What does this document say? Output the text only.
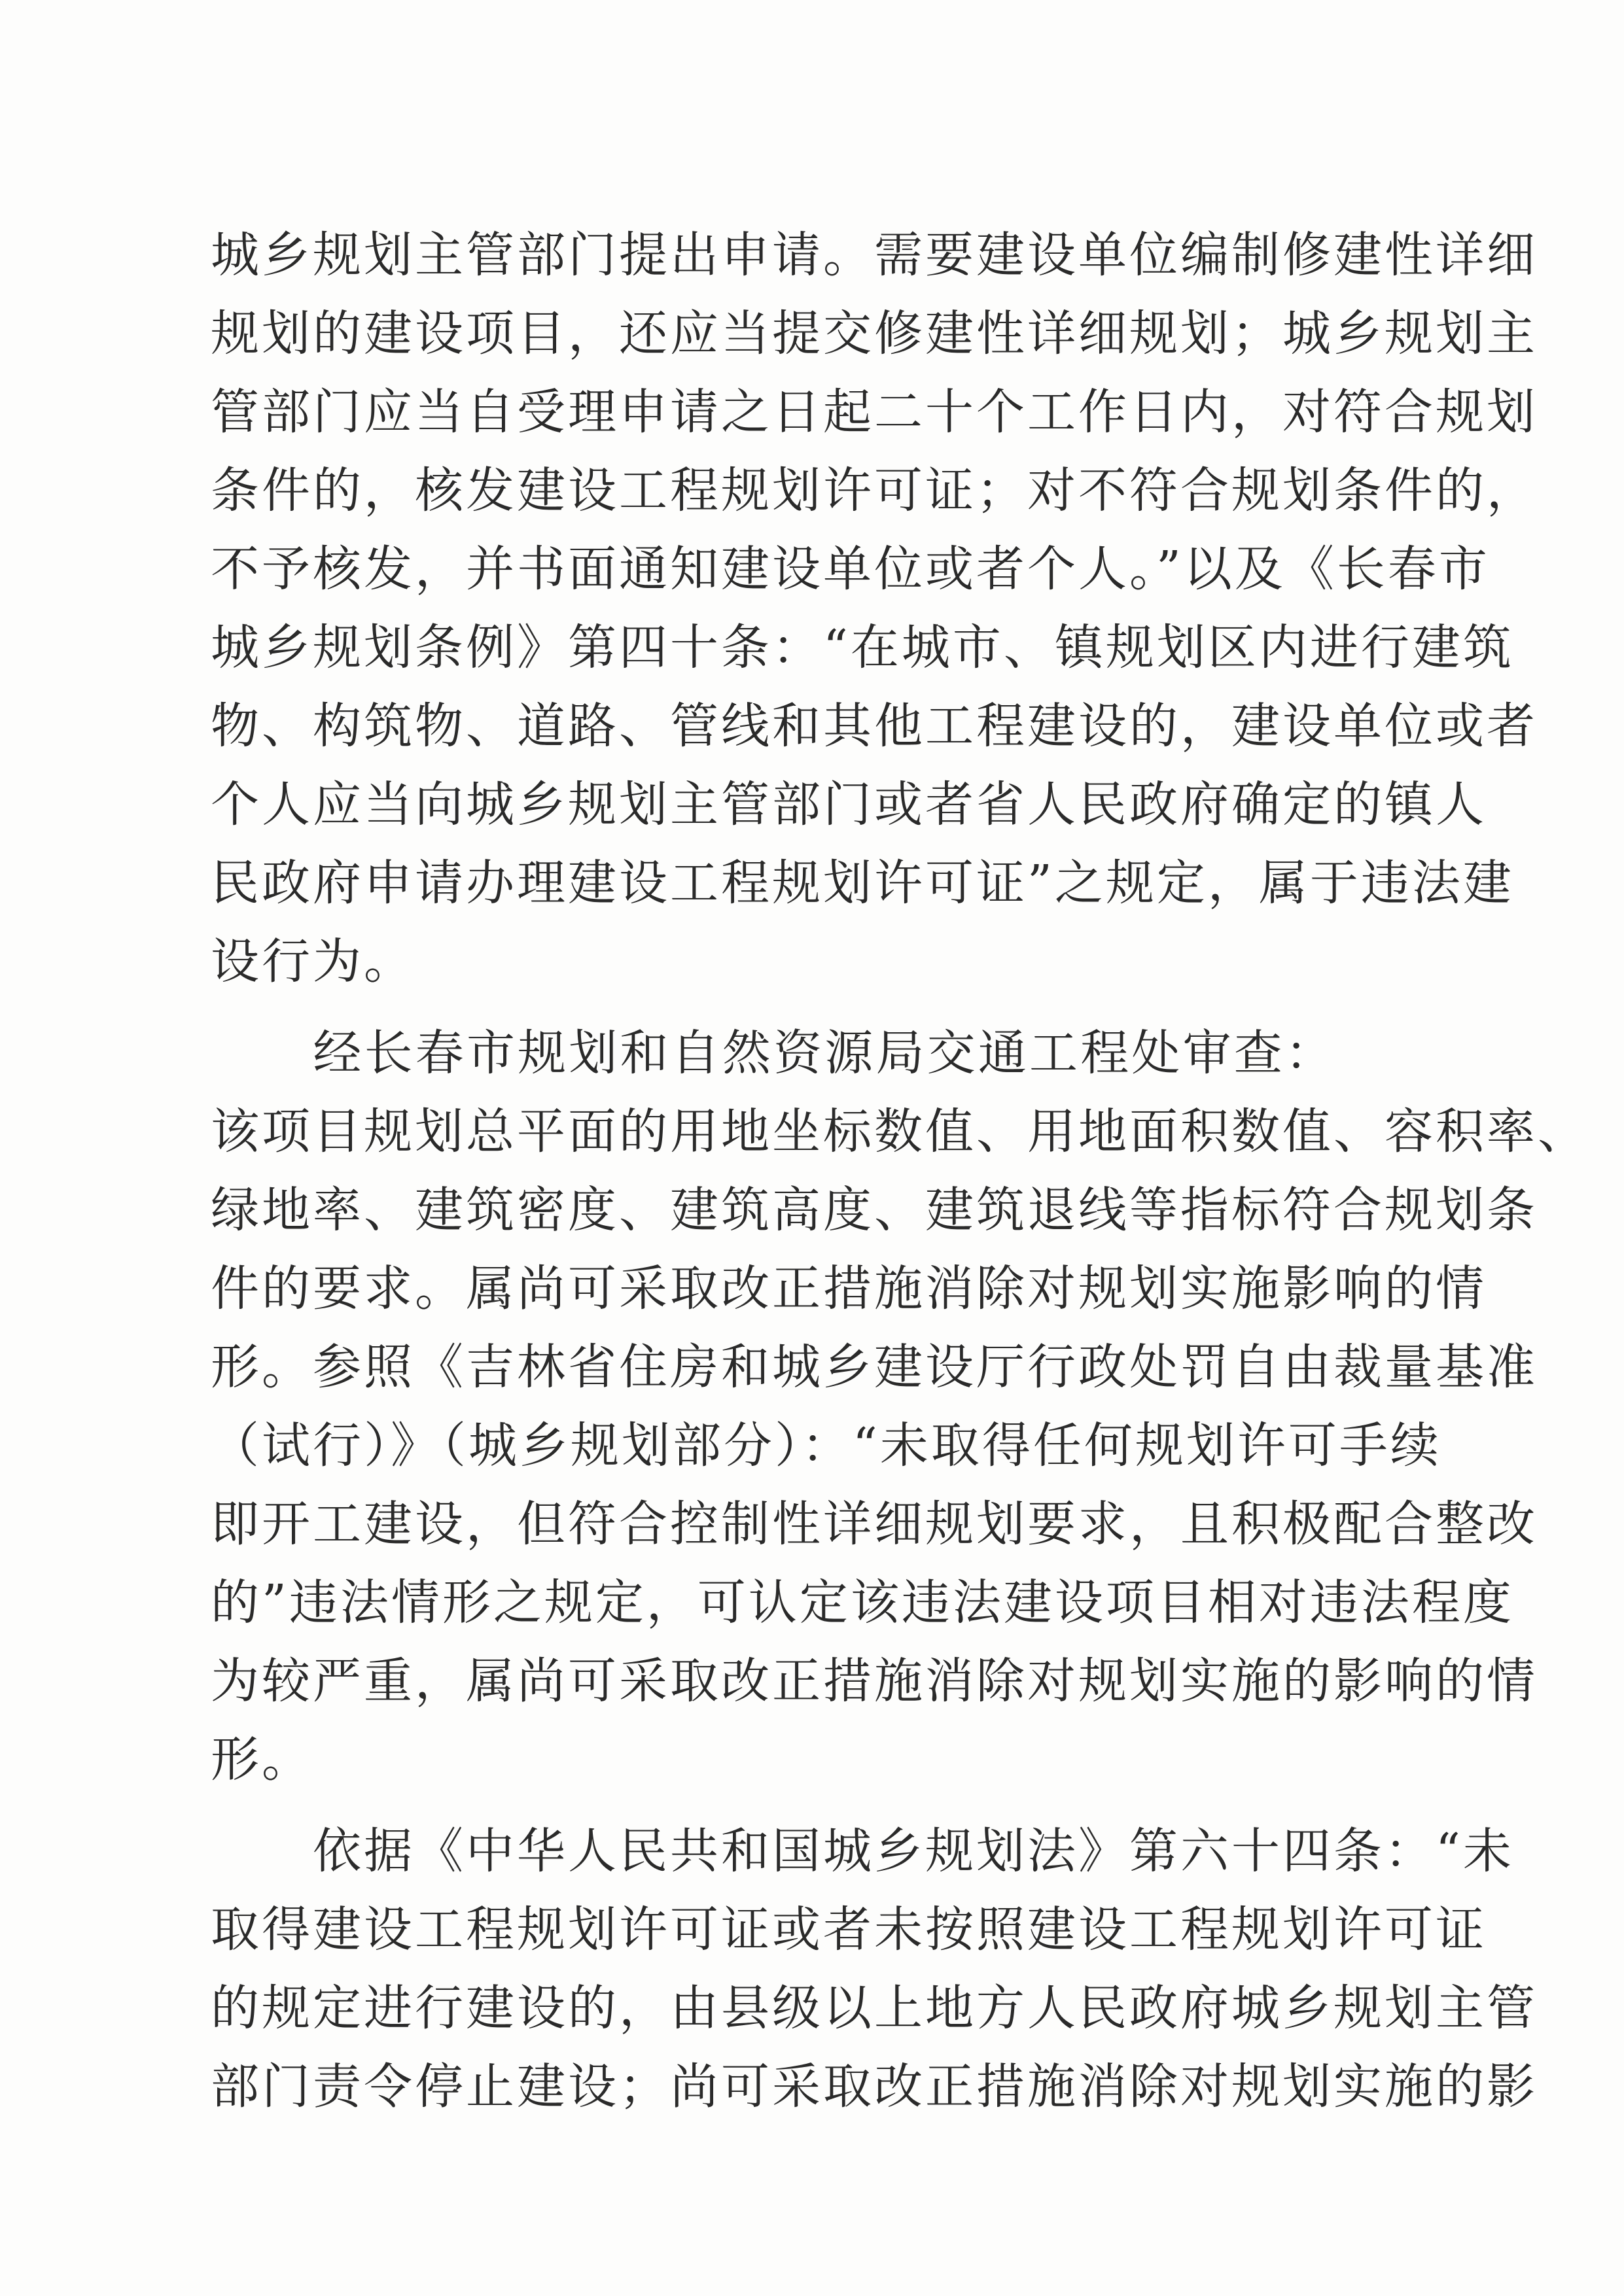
城乡规划主管部门提出申请。需要建设单位编制修建性详细
规划的建设项目，还应当提交修建性详细规划；城乡规划主
管部门应当自受理申请之日起二十个工作日内，对符合规划
条件的，核发建设工程规划许可证；对不符合规划条件的，
不予核发，并书面通知建设单位或者个人。”以及《长春市
城乡规划条例》第四十条：“在城市、镇规划区内进行建筑
物、构筑物、道路、管线和其他工程建设的，建设单位或者
个人应当向城乡规划主管部门或者省人民政府确定的镇人
民政府申请办理建设工程规划许可证”之规定，属于违法建
设行为。
　　经长春市规划和自然资源局交通工程处审查：
该项目规划总平面的用地坐标数值、用地面积数值、容积率、
绿地率、建筑密度、建筑高度、建筑退线等指标符合规划条
件的要求。属尚可采取改正措施消除对规划实施影响的情
形。参照《吉林省住房和城乡建设厅行政处罚自由裁量基准
（试行）》（城乡规划部分）：“未取得任何规划许可手续
即开工建设，但符合控制性详细规划要求，且积极配合整改
的”违法情形之规定，可认定该违法建设项目相对违法程度
为较严重，属尚可采取改正措施消除对规划实施的影响的情
形。
　　依据《中华人民共和国城乡规划法》第六十四条：“未
取得建设工程规划许可证或者未按照建设工程规划许可证
的规定进行建设的，由县级以上地方人民政府城乡规划主管
部门责令停止建设；尚可采取改正措施消除对规划实施的影
